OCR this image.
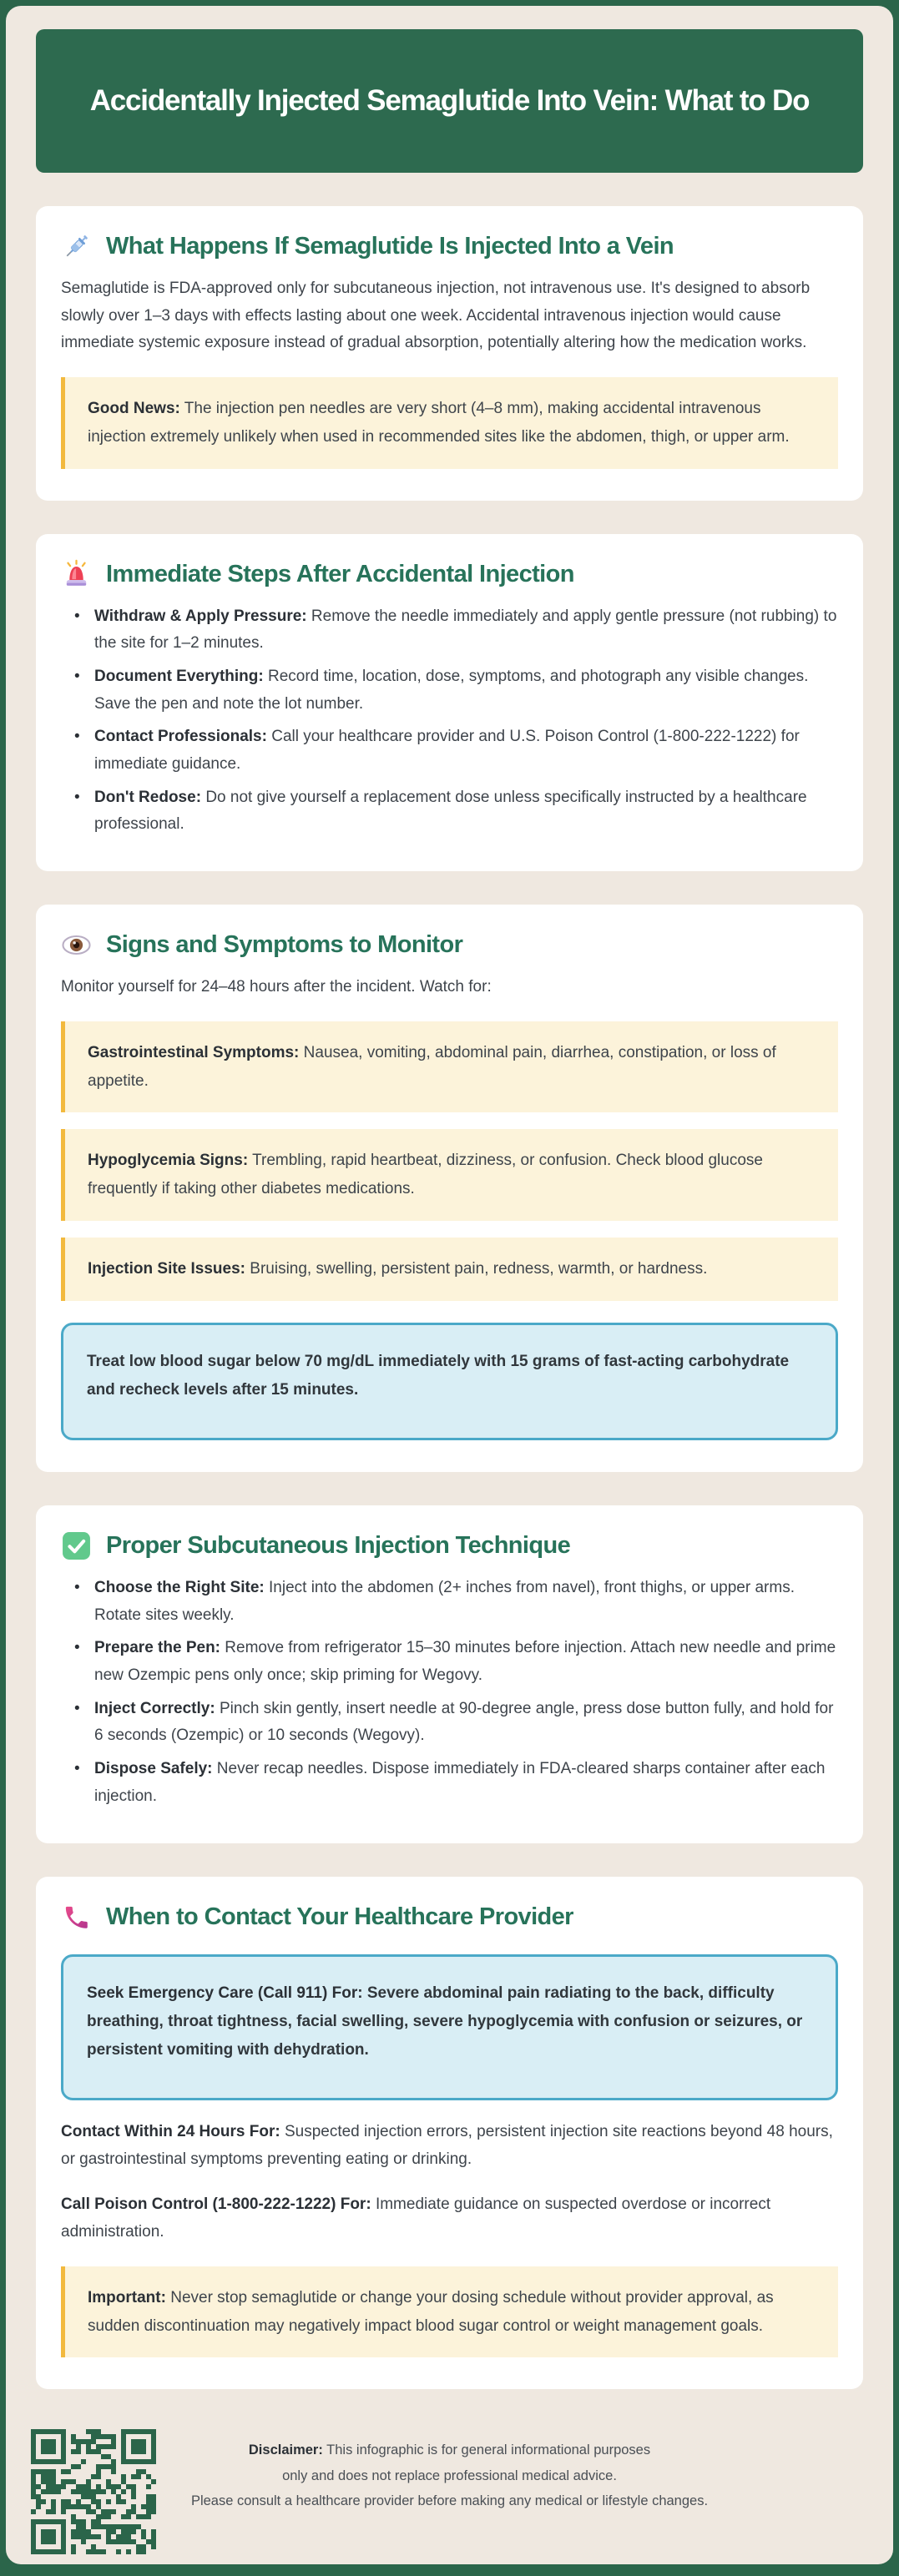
Accidentally Injected Semaglutide Into Vein: What to Do
What Happens If Semaglutide Is Injected Into a Vein

Semaglutide is FDA-approved only for subcutaneous injection, not intravenous use. It's designed to absorb slowly over 1–3 days with effects lasting about one week. Accidental intravenous injection would cause immediate systemic exposure instead of gradual absorption, potentially altering how the medication works.

Good News: The injection pen needles are very short (4–8 mm), making accidental intravenous injection extremely unlikely when used in recommended sites like the abdomen, thigh, or upper arm.
Immediate Steps After Accidental Injection
• Withdraw & Apply Pressure: Remove the needle immediately and apply gentle pressure (not rubbing) to the site for 1–2 minutes.
• Document Everything: Record time, location, dose, symptoms, and photograph any visible changes. Save the pen and note the lot number.
• Contact Professionals: Call your healthcare provider and U.S. Poison Control (1-800-222-1222) for immediate guidance.
• Don't Redose: Do not give yourself a replacement dose unless specifically instructed by a healthcare professional.
Signs and Symptoms to Monitor

Monitor yourself for 24–48 hours after the incident. Watch for:

Gastrointestinal Symptoms: Nausea, vomiting, abdominal pain, diarrhea, constipation, or loss of appetite.
Hypoglycemia Signs: Trembling, rapid heartbeat, dizziness, or confusion. Check blood glucose frequently if taking other diabetes medications.
Injection Site Issues: Bruising, swelling, persistent pain, redness, warmth, or hardness.
Treat low blood sugar below 70 mg/dL immediately with 15 grams of fast-acting carbohydrate and recheck levels after 15 minutes.
Proper Subcutaneous Injection Technique
• Choose the Right Site: Inject into the abdomen (2+ inches from navel), front thighs, or upper arms. Rotate sites weekly.
• Prepare the Pen: Remove from refrigerator 15–30 minutes before injection. Attach new needle and prime new Ozempic pens only once; skip priming for Wegovy.
• Inject Correctly: Pinch skin gently, insert needle at 90-degree angle, press dose button fully, and hold for 6 seconds (Ozempic) or 10 seconds (Wegovy).
• Dispose Safely: Never recap needles. Dispose immediately in FDA-cleared sharps container after each injection.
When to Contact Your Healthcare Provider
Seek Emergency Care (Call 911) For: Severe abdominal pain radiating to the back, difficulty breathing, throat tightness, facial swelling, severe hypoglycemia with confusion or seizures, or persistent vomiting with dehydration.

Contact Within 24 Hours For: Suspected injection errors, persistent injection site reactions beyond 48 hours, or gastrointestinal symptoms preventing eating or drinking.

Call Poison Control (1-800-222-1222) For: Immediate guidance on suspected overdose or incorrect administration.

Important: Never stop semaglutide or change your dosing schedule without provider approval, as sudden discontinuation may negatively impact blood sugar control or weight management goals.
Disclaimer: This infographic is for general informational purposes
only and does not replace professional medical advice.
Please consult a healthcare provider before making any medical or lifestyle changes.
